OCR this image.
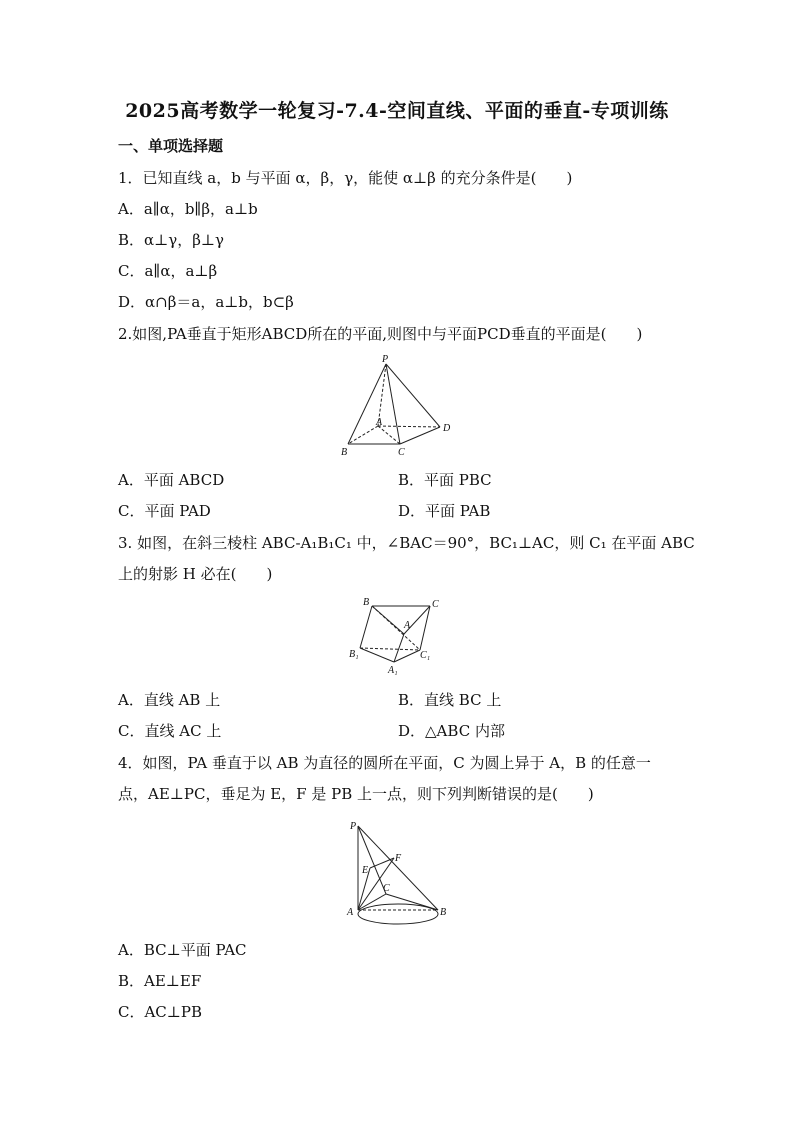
2025高考数学一轮复习-7.4-空间直线、平面的垂直-专项训练
一、单项选择题
1．已知直线 a，b 与平面 α，β，γ，能使 α⊥β 的充分条件是(　　)
A．a∥α，b∥β，a⊥b
B．α⊥γ，β⊥γ
C．a∥α，a⊥β
D．α∩β＝a，a⊥b，b⊂β
2.如图,PA垂直于矩形ABCD所在的平面,则图中与平面PCD垂直的平面是(　　)
P
A
B	C
D
A．平面 ABCD	B．平面 PBC
C．平面 PAD	D．平面 PAB
3. 如图，在斜三棱柱 ABC-A₁B₁C₁ 中，∠BAC＝90°，BC₁⊥AC，则 C₁ 在平面 ABC
上的射影 H 必在(　　)
B	C
A
B₁	C₁
A₁
A．直线 AB 上	B．直线 BC 上
C．直线 AC 上	D．△ABC 内部
4．如图，PA 垂直于以 AB 为直径的圆所在平面，C 为圆上异于 A，B 的任意一
点，AE⊥PC，垂足为 E，F 是 PB 上一点，则下列判断错误的是(　　)
P
F
E
C
A	B
A．BC⊥平面 PAC
B．AE⊥EF
C．AC⊥PB
